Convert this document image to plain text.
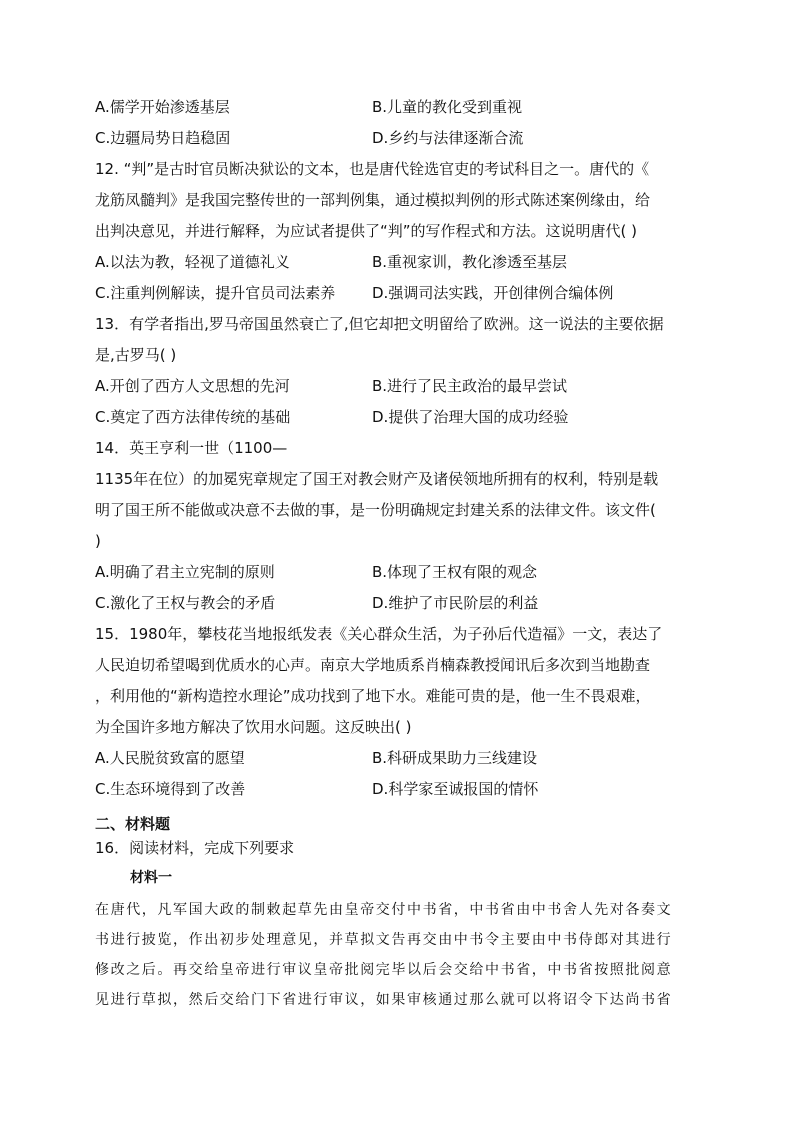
A.儒学开始渗透基层	B.儿童的教化受到重视
C.边疆局势日趋稳固	D.乡约与法律逐渐合流
12. “判”是古时官员断决狱讼的文本，也是唐代铨选官吏的考试科目之一。唐代的《
龙筋凤髓判》是我国完整传世的一部判例集，通过模拟判例的形式陈述案例缘由，给
出判决意见，并进行解释，为应试者提供了“判”的写作程式和方法。这说明唐代( )
A.以法为教，轻视了道德礼义	B.重视家训，教化渗透至基层
C.注重判例解读，提升官员司法素养	D.强调司法实践，开创律例合编体例
13．有学者指出,罗马帝国虽然衰亡了,但它却把文明留给了欧洲。这一说法的主要依据
是,古罗马( )
A.开创了西方人文思想的先河	B.进行了民主政治的最早尝试
C.奠定了西方法律传统的基础	D.提供了治理大国的成功经验
14．英王亨利一世（1100—
1135年在位）的加冕宪章规定了国王对教会财产及诸侯领地所拥有的权利，特别是载
明了国王所不能做或决意不去做的事，是一份明确规定封建关系的法律文件。该文件(
)
A.明确了君主立宪制的原则	B.体现了王权有限的观念
C.激化了王权与教会的矛盾	D.维护了市民阶层的利益
15．1980年，攀枝花当地报纸发表《关心群众生活，为子孙后代造福》一文，表达了
人民迫切希望喝到优质水的心声。南京大学地质系肖楠森教授闻讯后多次到当地勘查
，利用他的“新构造控水理论”成功找到了地下水。难能可贵的是，他一生不畏艰难，
为全国许多地方解决了饮用水问题。这反映出( )
A.人民脱贫致富的愿望	B.科研成果助力三线建设
C.生态环境得到了改善	D.科学家至诚报国的情怀
二、材料题
16．阅读材料，完成下列要求
材料一
在唐代，凡军国大政的制敕起草先由皇帝交付中书省，中书省由中书舍人先对各奏文
书进行披览，作出初步处理意见，并草拟文告再交由中书令主要由中书侍郎对其进行
修改之后。再交给皇帝进行审议皇帝批阅完毕以后会交给中书省，中书省按照批阅意
见进行草拟，然后交给门下省进行审议，如果审核通过那么就可以将诏令下达尚书省
